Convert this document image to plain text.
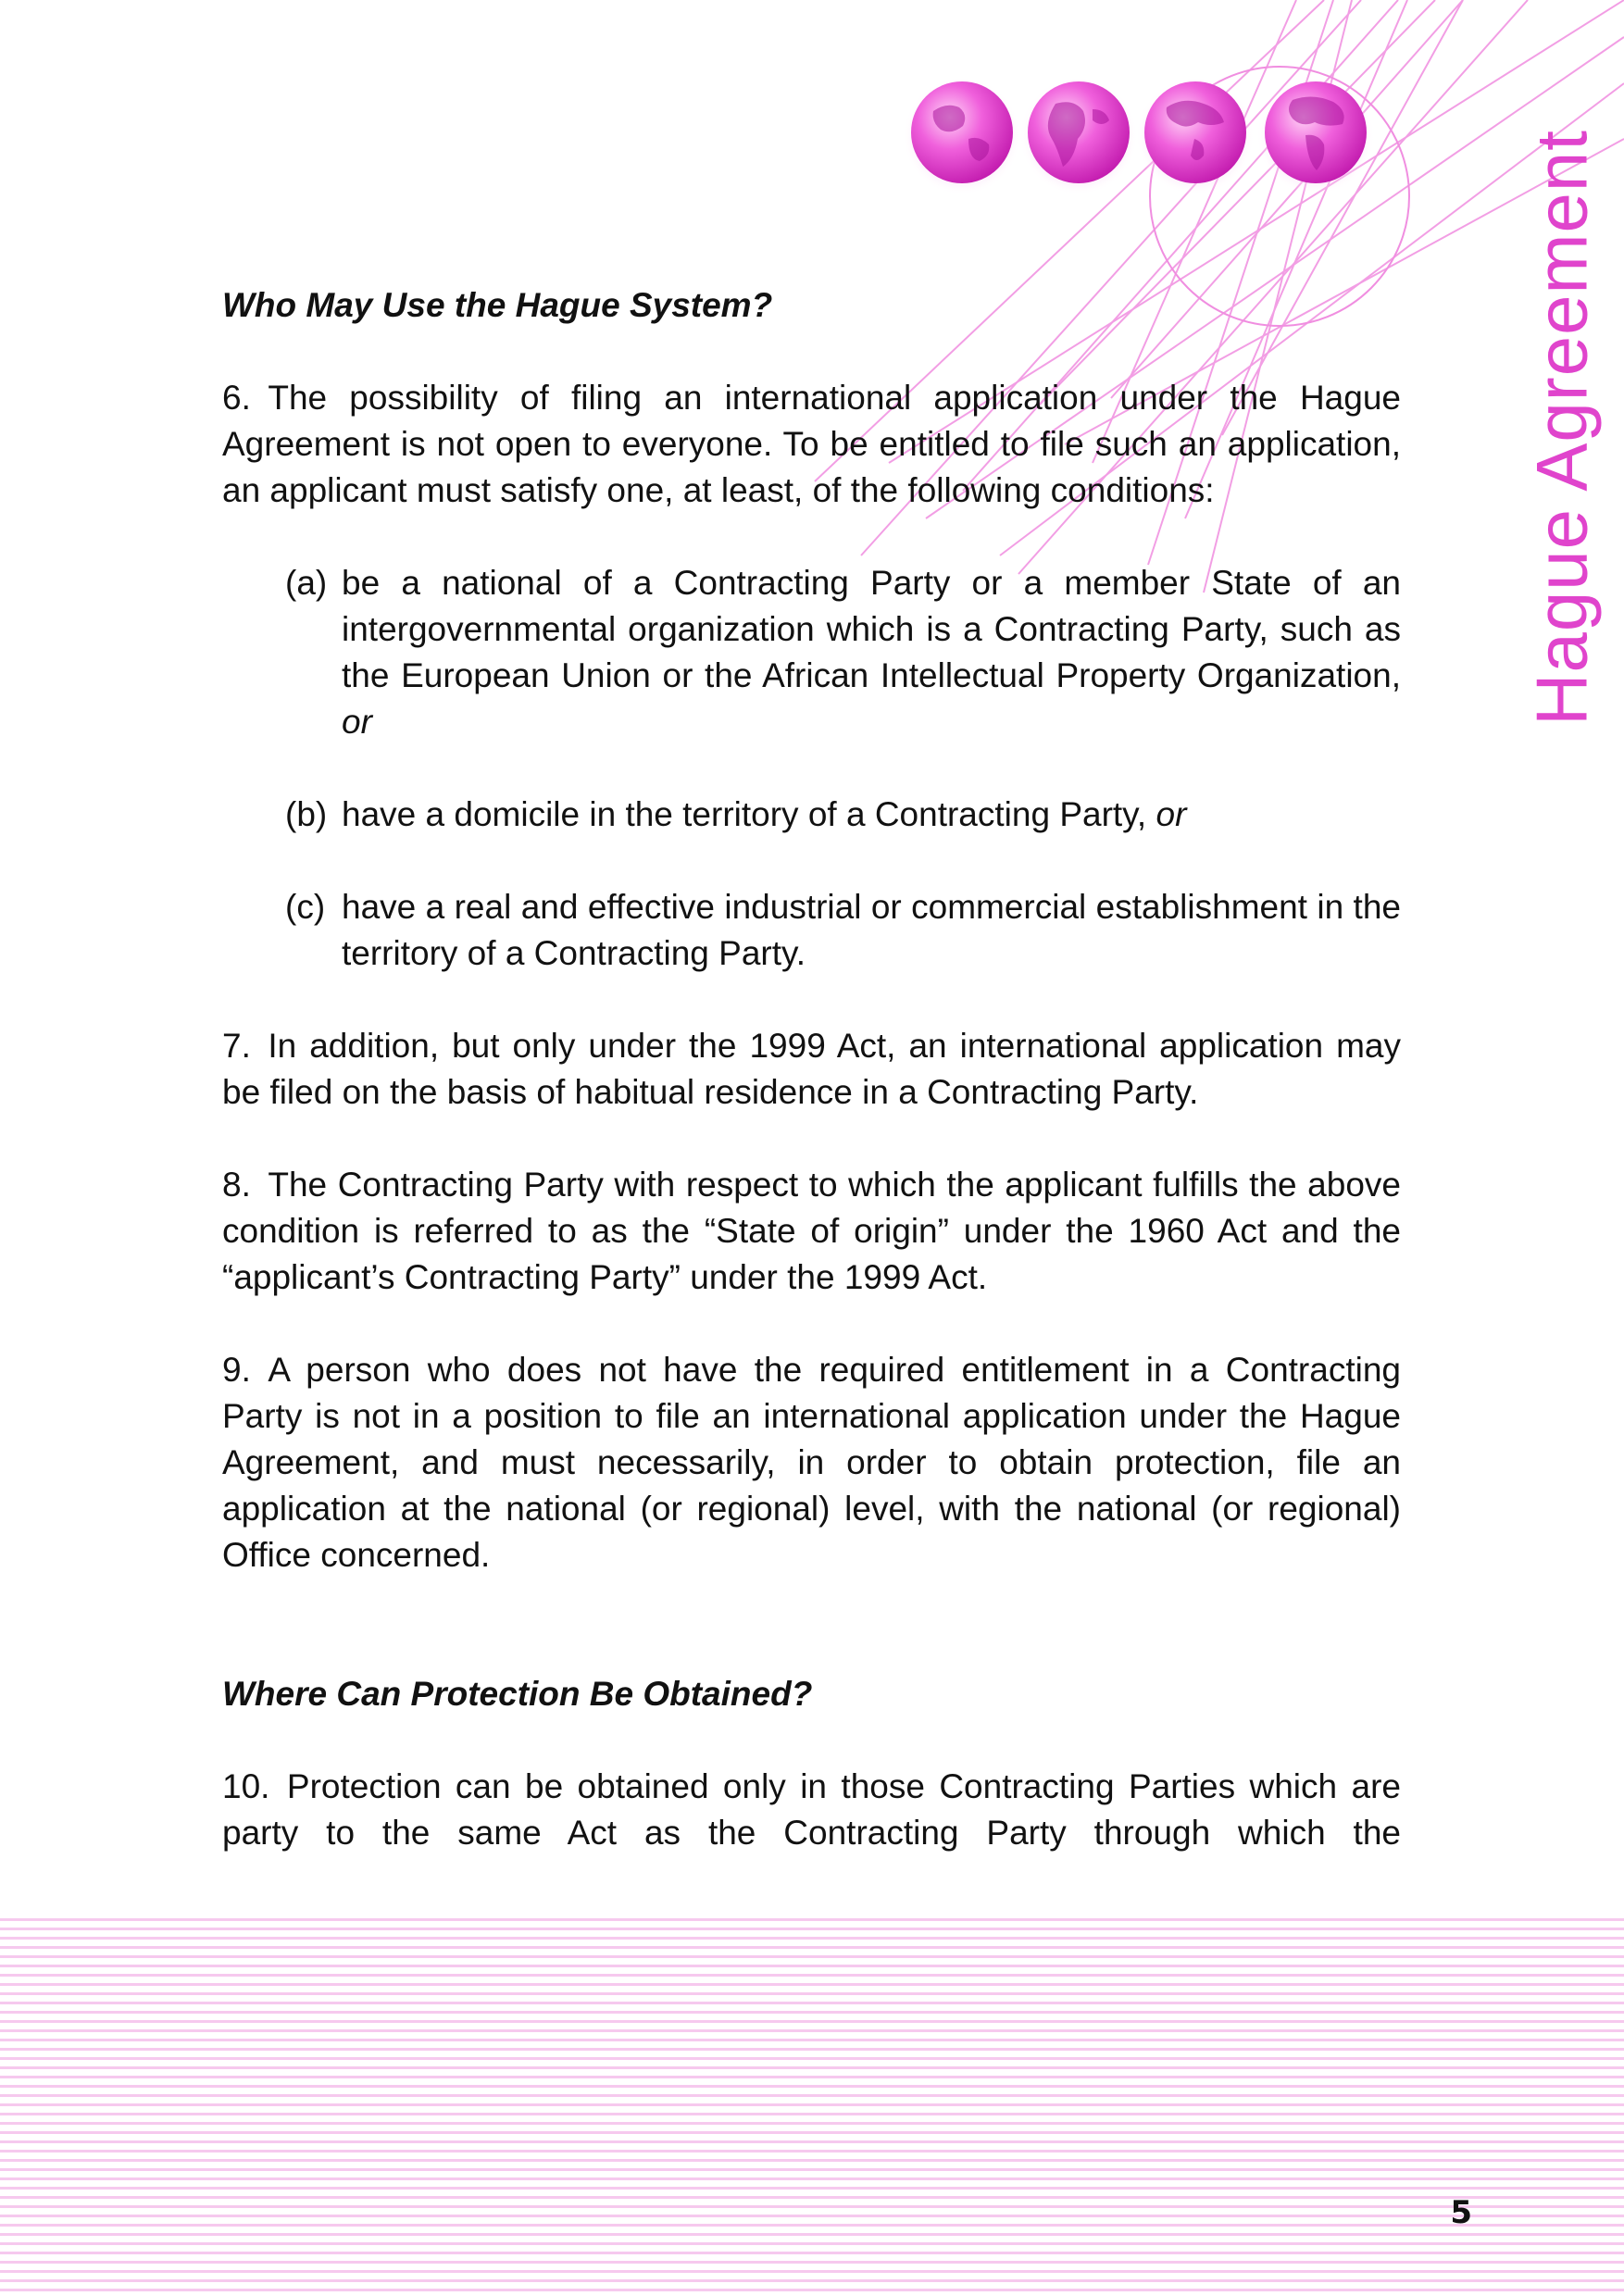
Hague Agreement
Who May Use the Hague System?

6. The possibility of filing an international application under the Hague Agreement is not open to everyone. To be entitled to file such an application, an applicant must satisfy one, at least, of the following conditions:

(a) be a national of a Contracting Party or a member State of an intergovernmental organization which is a Contracting Party, such as the European Union or the African Intellectual Property Organization, or
(b) have a domicile in the territory of a Contracting Party, or
(c) have a real and effective industrial or commercial establishment in the territory of a Contracting Party.

7. In addition, but only under the 1999 Act, an international application may be filed on the basis of habitual residence in a Contracting Party.

8. The Contracting Party with respect to which the applicant fulfills the above condition is referred to as the “State of origin” under the 1960 Act and the “applicant’s Contracting Party” under the 1999 Act.

9. A person who does not have the required entitlement in a Contracting Party is not in a position to file an international application under the Hague Agreement, and must necessarily, in order to obtain protection, file an application at the national (or regional) level, with the national (or regional) Office concerned.

Where Can Protection Be Obtained?

10. Protection can be obtained only in those Contracting Parties which are party to the same Act as the Contracting Party through which the

5
